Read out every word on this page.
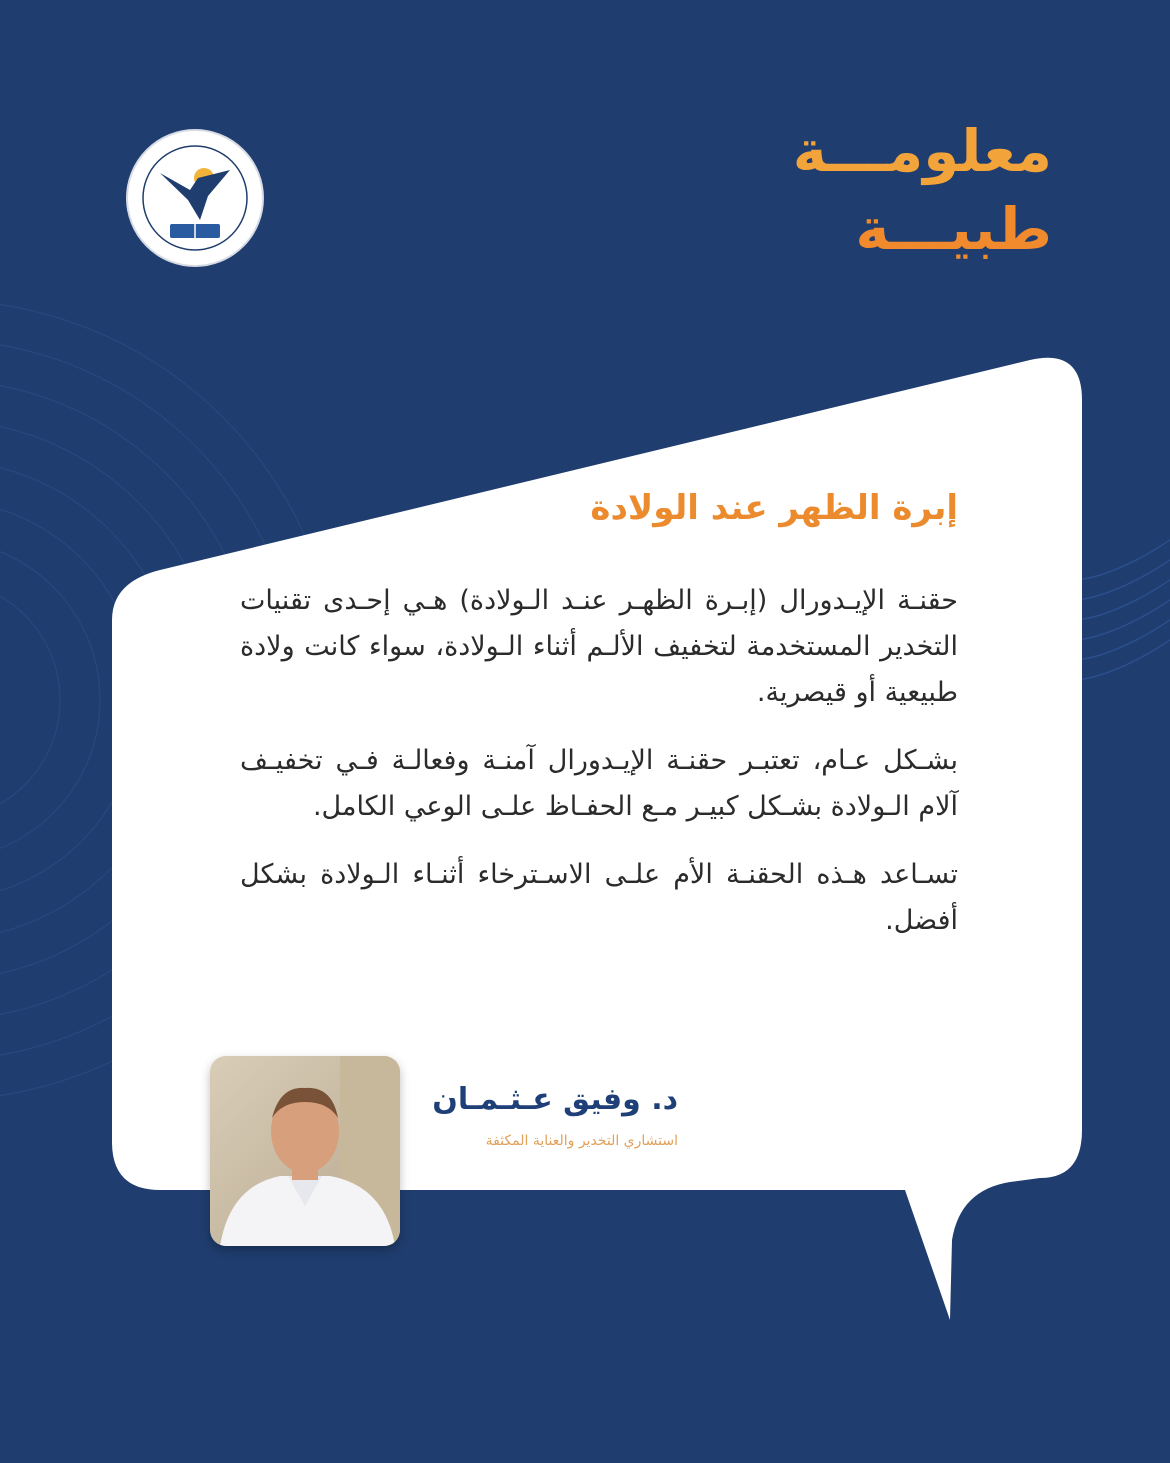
معلومـــة
طبيـــة
إبرة الظهر عند الولادة

حقنـة الإيـدورال (إبـرة الظهـر عنـد الـولادة) هـي إحـدى تقنيات التخدير المستخدمة لتخفيف الألـم أثناء الـولادة، سواء كانت ولادة طبيعية أو قيصرية.

بشـكل عـام، تعتبـر حقنـة الإيـدورال آمنـة وفعالـة فـي تخفيـف آلام الـولادة بشـكل كبيـر مـع الحفـاظ علـى الوعي الكامل.

تسـاعد هـذه الحقنـة الأم علـى الاسـترخاء أثنـاء الـولادة بشكل أفضل.

د. وفيق عـثـمـان
استشاري التخدير والعناية المكثفة
